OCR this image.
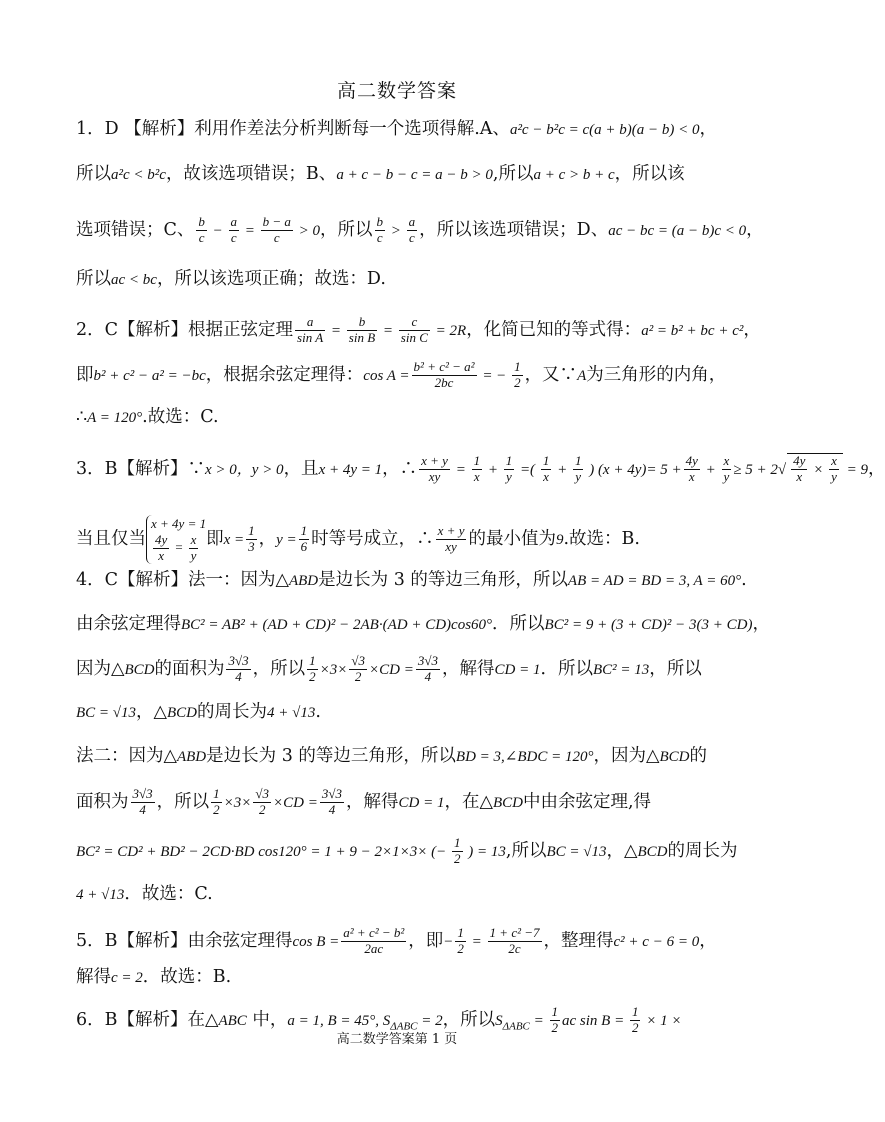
高二数学答案
1．D 【解析】利用作差法分析判断每一个选项得解.A、a²c − b²c = c(a + b)(a − b) < 0，
所以a²c < b²c，故该选项错误；B、a + c − b − c = a − b > 0,所以a + c > b + c，所以该
选项错误；C、 $\frac{b}{c} - \frac{a}{c} = \frac{b - a}{c} > 0$，所以 $\frac{b}{c} > \frac{a}{c}$ ，所以该选项错误；D、ac − bc = (a − b)c < 0，
所以ac < bc，所以该选项正确；故选：D.
2．C【解析】根据正弦定理 $\frac{a}{\text{sin A}} = \frac{b}{\text{sin B}} = \frac{c}{\text{sin C}} = 2R$，化简已知的等式得：a² = b² + bc + c²，
即b² + c² − a² = −bc，根据余弦定理得：$\cos A = \frac{\text{b² + c² − a²}}{2bc}$ = − $\frac{1}{2}$ ，又∵A为三角形的内角，
∴A = 120°.故选：C.
3．B【解析】∵x > 0，y > 0，且x + 4y = 1，∴ $\frac{x + y}{xy} = \frac{1}{x} + \frac{1}{y}$ =( $\frac{1}{x} + \frac{1}{y}$ ) $(x + 4y)= 5 + \frac{4y}{x} + \frac{x}{y} \ge 5 + 2√ \frac{4y}{x} \times \frac{x}{y} = 9$，
当且仅当
x + 4y = 1
$\frac{4y}{x} = \frac{x}{y}$ 即$x = \frac{1}{3}$ ，$y = \frac{1}{6}$ 时等号成立，∴ $\frac{x + y}{xy}$ 的最小值为9.故选：B.
4．C【解析】法一：因为△ABD是边长为 3 的等边三角形，所以AB = AD = BD = 3, A = 60°.
由余弦定理得BC² = AB² + (AD + CD)² − 2AB·(AD + CD)cos60°．所以BC² = 9 + (3 + CD)² − 3(3 + CD)，
因为△BCD的面积为 $\frac{3√3}{4}$ ，所以 $\frac{1}{2} \times 3\times \frac{√3}{2} \times CD = \frac{3√3}{4}$ ，解得CD = 1．所以BC² = 13，所以
BC = √13，△BCD的周长为4 + √13.
法二：因为△ABD是边长为 3 的等边三角形，所以BD = 3,∠BDC = 120°，因为△BCD的
面积为 $\frac{3√3}{4}$ ，所以 $\frac{1}{2} \times 3\times \frac{√3}{2} \times CD = \frac{3√3}{4}$ ，解得CD = 1，在△BCD中由余弦定理,得
BC² = CD² + BD² − 2CD·BD cos120° = 1 + 9 − 2×1×3× (− $\frac{1}{2}$ ) = 13,所以BC = √13，△BCD的周长为
4 + √13．故选：C.
5．B【解析】由余弦定理得$\cos B = \frac{\text{a² + c² − b²}}{2ac}$ ，即− $\frac{1}{2} = \frac{\text{1 + c² −7}}{2c}$ ，整理得c² + c − 6 = 0，
解得c = 2．故选：B.
6．B【解析】在△ABC 中，a = 1, B = 45°, $S_{\Delta ABC} = 2$，所以$S_{\Delta ABC} = \frac{1}{2}$ ac $\sin B = \frac{1}{2} \times 1$ ×
高二数学答案第 1 页
